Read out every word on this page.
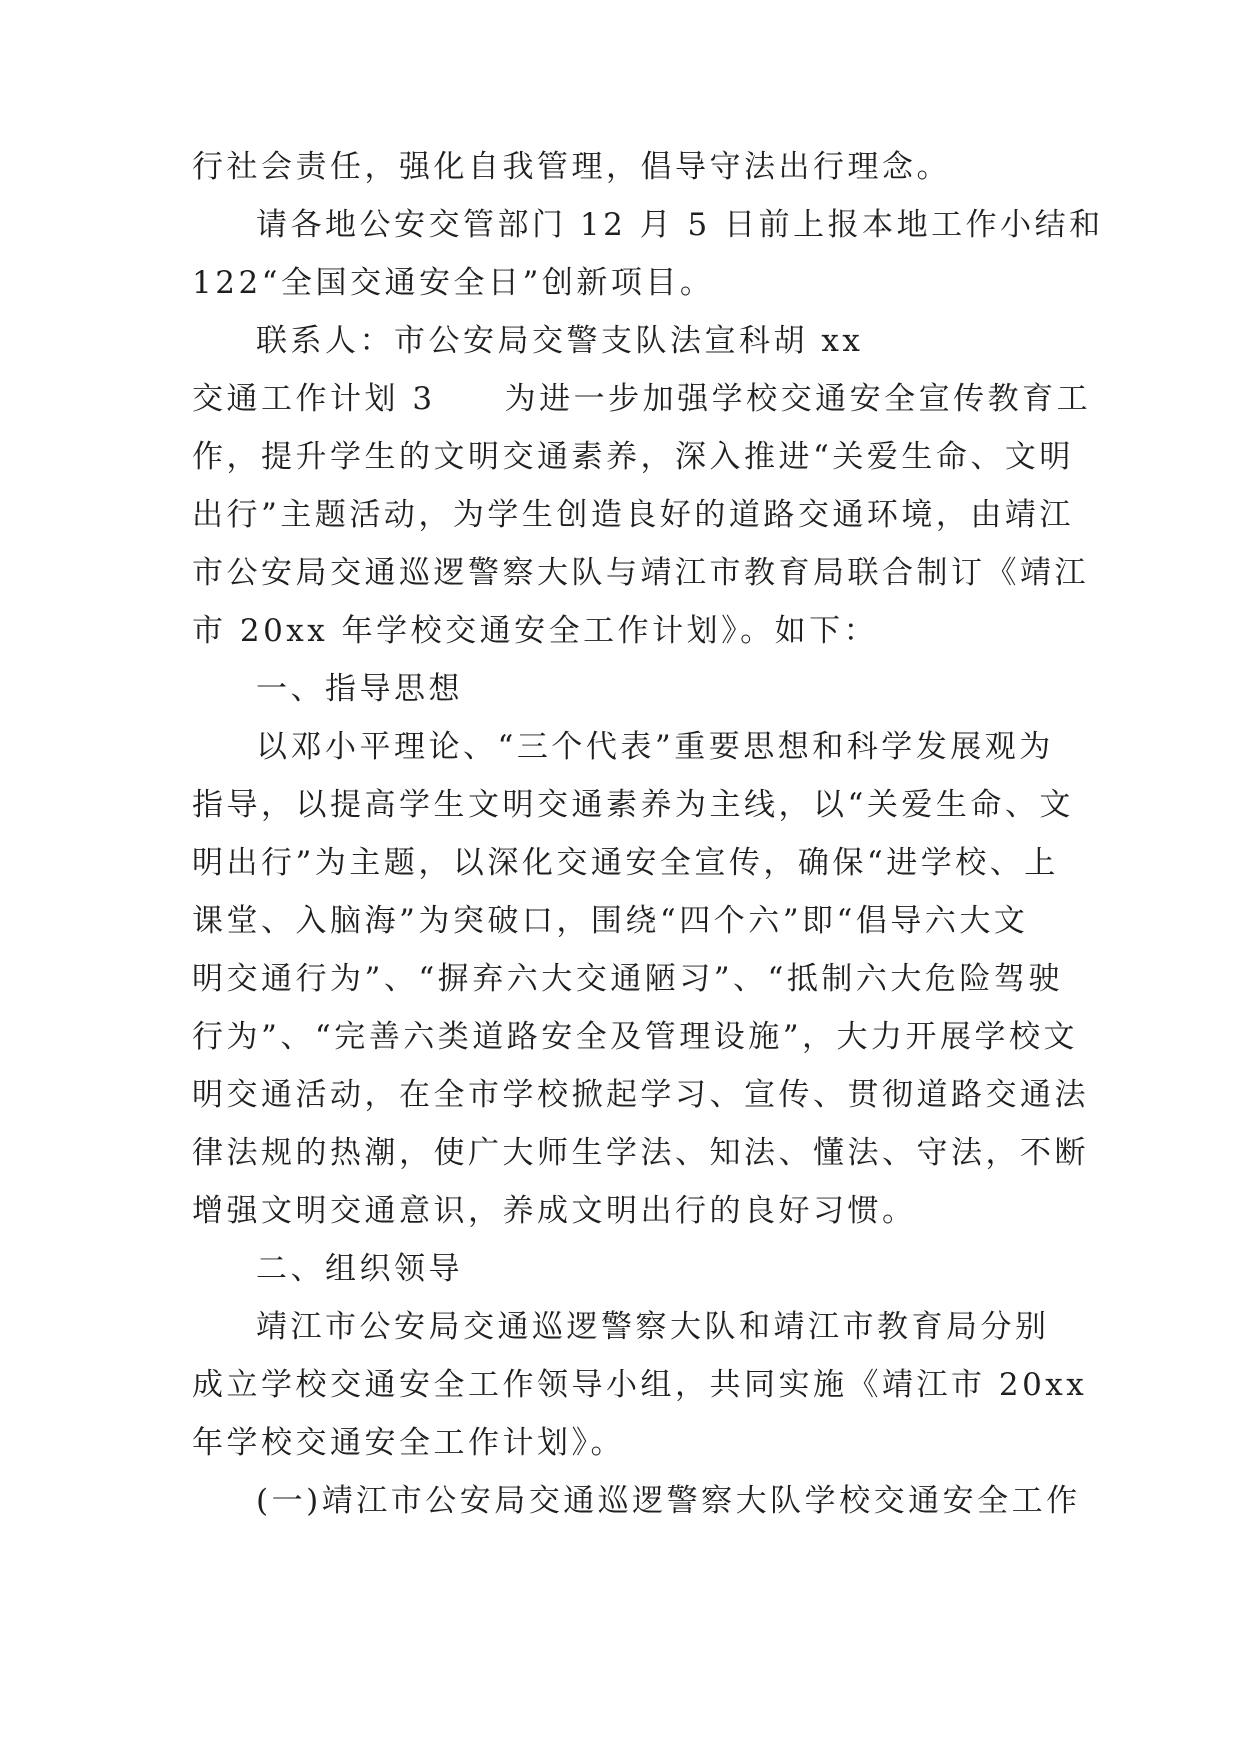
行社会责任，强化自我管理，倡导守法出行理念。
请各地公安交管部门 12 月 5 日前上报本地工作小结和
122“全国交通安全日”创新项目。
联系人：市公安局交警支队法宣科胡 xx
交通工作计划 3　　为进一步加强学校交通安全宣传教育工
作，提升学生的文明交通素养，深入推进“关爱生命、文明
出行”主题活动，为学生创造良好的道路交通环境，由靖江
市公安局交通巡逻警察大队与靖江市教育局联合制订《靖江
市 20xx 年学校交通安全工作计划》。如下：
一、指导思想
以邓小平理论、“三个代表”重要思想和科学发展观为
指导，以提高学生文明交通素养为主线，以“关爱生命、文
明出行”为主题，以深化交通安全宣传，确保“进学校、上
课堂、入脑海”为突破口，围绕“四个六”即“倡导六大文
明交通行为”、“摒弃六大交通陋习”、“抵制六大危险驾驶
行为”、“完善六类道路安全及管理设施”，大力开展学校文
明交通活动，在全市学校掀起学习、宣传、贯彻道路交通法
律法规的热潮，使广大师生学法、知法、懂法、守法，不断
增强文明交通意识，养成文明出行的良好习惯。
二、组织领导
靖江市公安局交通巡逻警察大队和靖江市教育局分别
成立学校交通安全工作领导小组，共同实施《靖江市 20xx
年学校交通安全工作计划》。
(一)靖江市公安局交通巡逻警察大队学校交通安全工作
